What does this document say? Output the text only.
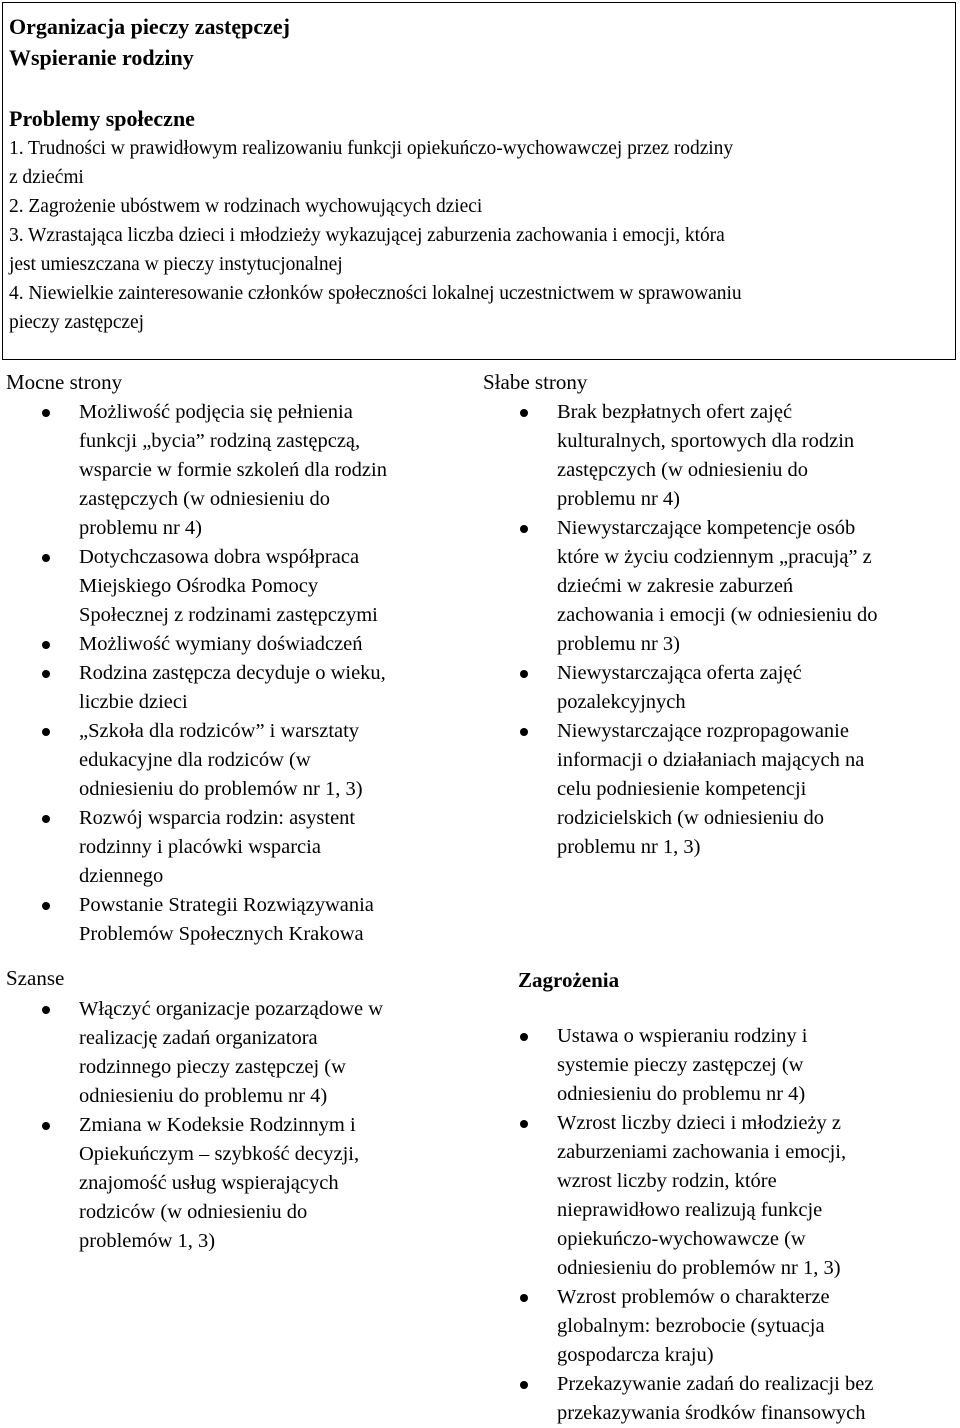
Organizacja pieczy zastępczej
Wspieranie rodziny
Problemy społeczne
1. Trudności w prawidłowym realizowaniu funkcji opiekuńczo-wychowawczej przez rodziny
z dziećmi
2. Zagrożenie ubóstwem w rodzinach wychowujących dzieci
3. Wzrastająca liczba dzieci i młodzieży wykazującej zaburzenia zachowania i emocji, która
jest umieszczana w pieczy instytucjonalnej
4. Niewielkie zainteresowanie członków społeczności lokalnej uczestnictwem w sprawowaniu
pieczy zastępczej
Mocne strony
Możliwość podjęcia się pełnienia
funkcji „bycia” rodziną zastępczą,
wsparcie w formie szkoleń dla rodzin
zastępczych (w odniesieniu do
problemu nr 4)
Dotychczasowa dobra współpraca
Miejskiego Ośrodka Pomocy
Społecznej z rodzinami zastępczymi
Możliwość wymiany doświadczeń
Rodzina zastępcza decyduje o wieku,
liczbie dzieci
„Szkoła dla rodziców” i warsztaty
edukacyjne dla rodziców (w
odniesieniu do problemów nr 1, 3)
Rozwój wsparcia rodzin: asystent
rodzinny i placówki wsparcia
dziennego
Powstanie Strategii Rozwiązywania
Problemów Społecznych Krakowa
Słabe strony
Brak bezpłatnych ofert zajęć
kulturalnych, sportowych dla rodzin
zastępczych (w odniesieniu do
problemu nr 4)
Niewystarczające kompetencje osób
które w życiu codziennym „pracują” z
dziećmi w zakresie zaburzeń
zachowania i emocji (w odniesieniu do
problemu nr 3)
Niewystarczająca oferta zajęć
pozalekcyjnych
Niewystarczające rozpropagowanie
informacji o działaniach mających na
celu podniesienie kompetencji
rodzicielskich (w odniesieniu do
problemu nr 1, 3)
Szanse
Włączyć organizacje pozarządowe w
realizację zadań organizatora
rodzinnego pieczy zastępczej (w
odniesieniu do problemu nr 4)
Zmiana w Kodeksie Rodzinnym i
Opiekuńczym – szybkość decyzji,
znajomość usług wspierających
rodziców (w odniesieniu do
problemów 1, 3)
Zagrożenia
Ustawa o wspieraniu rodziny i
systemie pieczy zastępczej (w
odniesieniu do problemu nr 4)
Wzrost liczby dzieci i młodzieży z
zaburzeniami zachowania i emocji,
wzrost liczby rodzin, które
nieprawidłowo realizują funkcje
opiekuńczo-wychowawcze (w
odniesieniu do problemów nr 1, 3)
Wzrost problemów o charakterze
globalnym: bezrobocie (sytuacja
gospodarcza kraju)
Przekazywanie zadań do realizacji bez
przekazywania środków finansowych
